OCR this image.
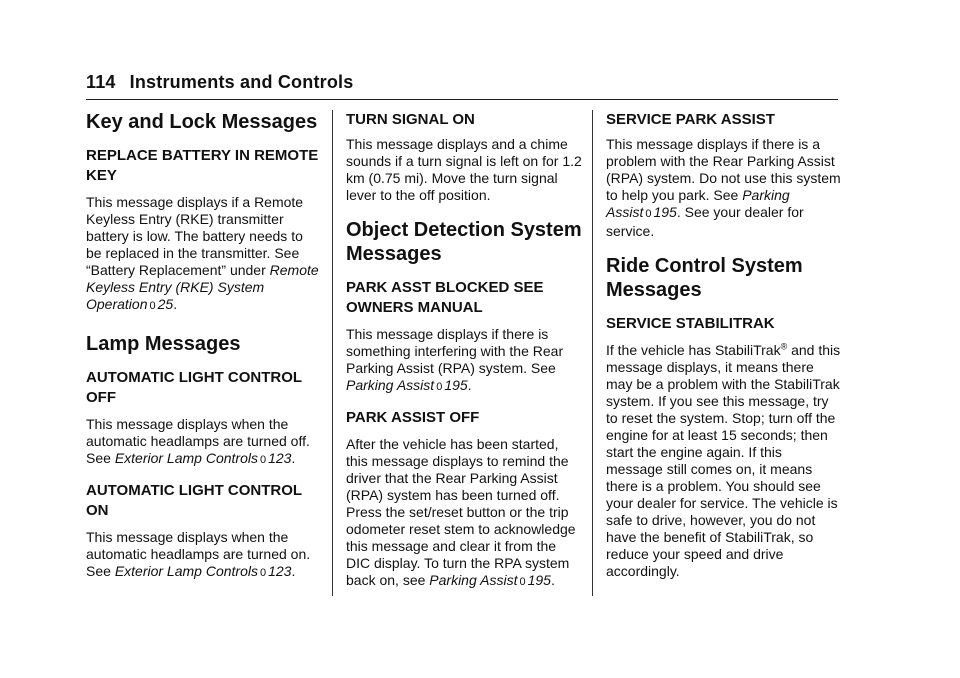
114 Instruments and Controls
Key and Lock Messages
REPLACE BATTERY IN REMOTE KEY

This message displays if a Remote Keyless Entry (RKE) transmitter battery is low. The battery needs to be replaced in the transmitter. See “Battery Replacement” under Remote Keyless Entry (RKE) System Operation 0 25.

Lamp Messages
AUTOMATIC LIGHT CONTROL OFF

This message displays when the automatic headlamps are turned off. See Exterior Lamp Controls 0 123.

AUTOMATIC LIGHT CONTROL ON

This message displays when the automatic headlamps are turned on. See Exterior Lamp Controls 0 123.

TURN SIGNAL ON

This message displays and a chime sounds if a turn signal is left on for 1.2 km (0.75 mi). Move the turn signal lever to the off position.

Object Detection System Messages
PARK ASST BLOCKED SEE OWNERS MANUAL

This message displays if there is something interfering with the Rear Parking Assist (RPA) system. See Parking Assist 0 195.

PARK ASSIST OFF

After the vehicle has been started, this message displays to remind the driver that the Rear Parking Assist (RPA) system has been turned off. Press the set/reset button or the trip odometer reset stem to acknowledge this message and clear it from the DIC display. To turn the RPA system back on, see Parking Assist 0 195.

SERVICE PARK ASSIST

This message displays if there is a problem with the Rear Parking Assist (RPA) system. Do not use this system to help you park. See Parking Assist 0 195. See your dealer for service.

Ride Control System Messages
SERVICE STABILITRAK

If the vehicle has StabiliTrak® and this message displays, it means there may be a problem with the StabiliTrak system. If you see this message, try to reset the system. Stop; turn off the engine for at least 15 seconds; then start the engine again. If this message still comes on, it means there is a problem. You should see your dealer for service. The vehicle is safe to drive, however, you do not have the benefit of StabiliTrak, so reduce your speed and drive accordingly.
